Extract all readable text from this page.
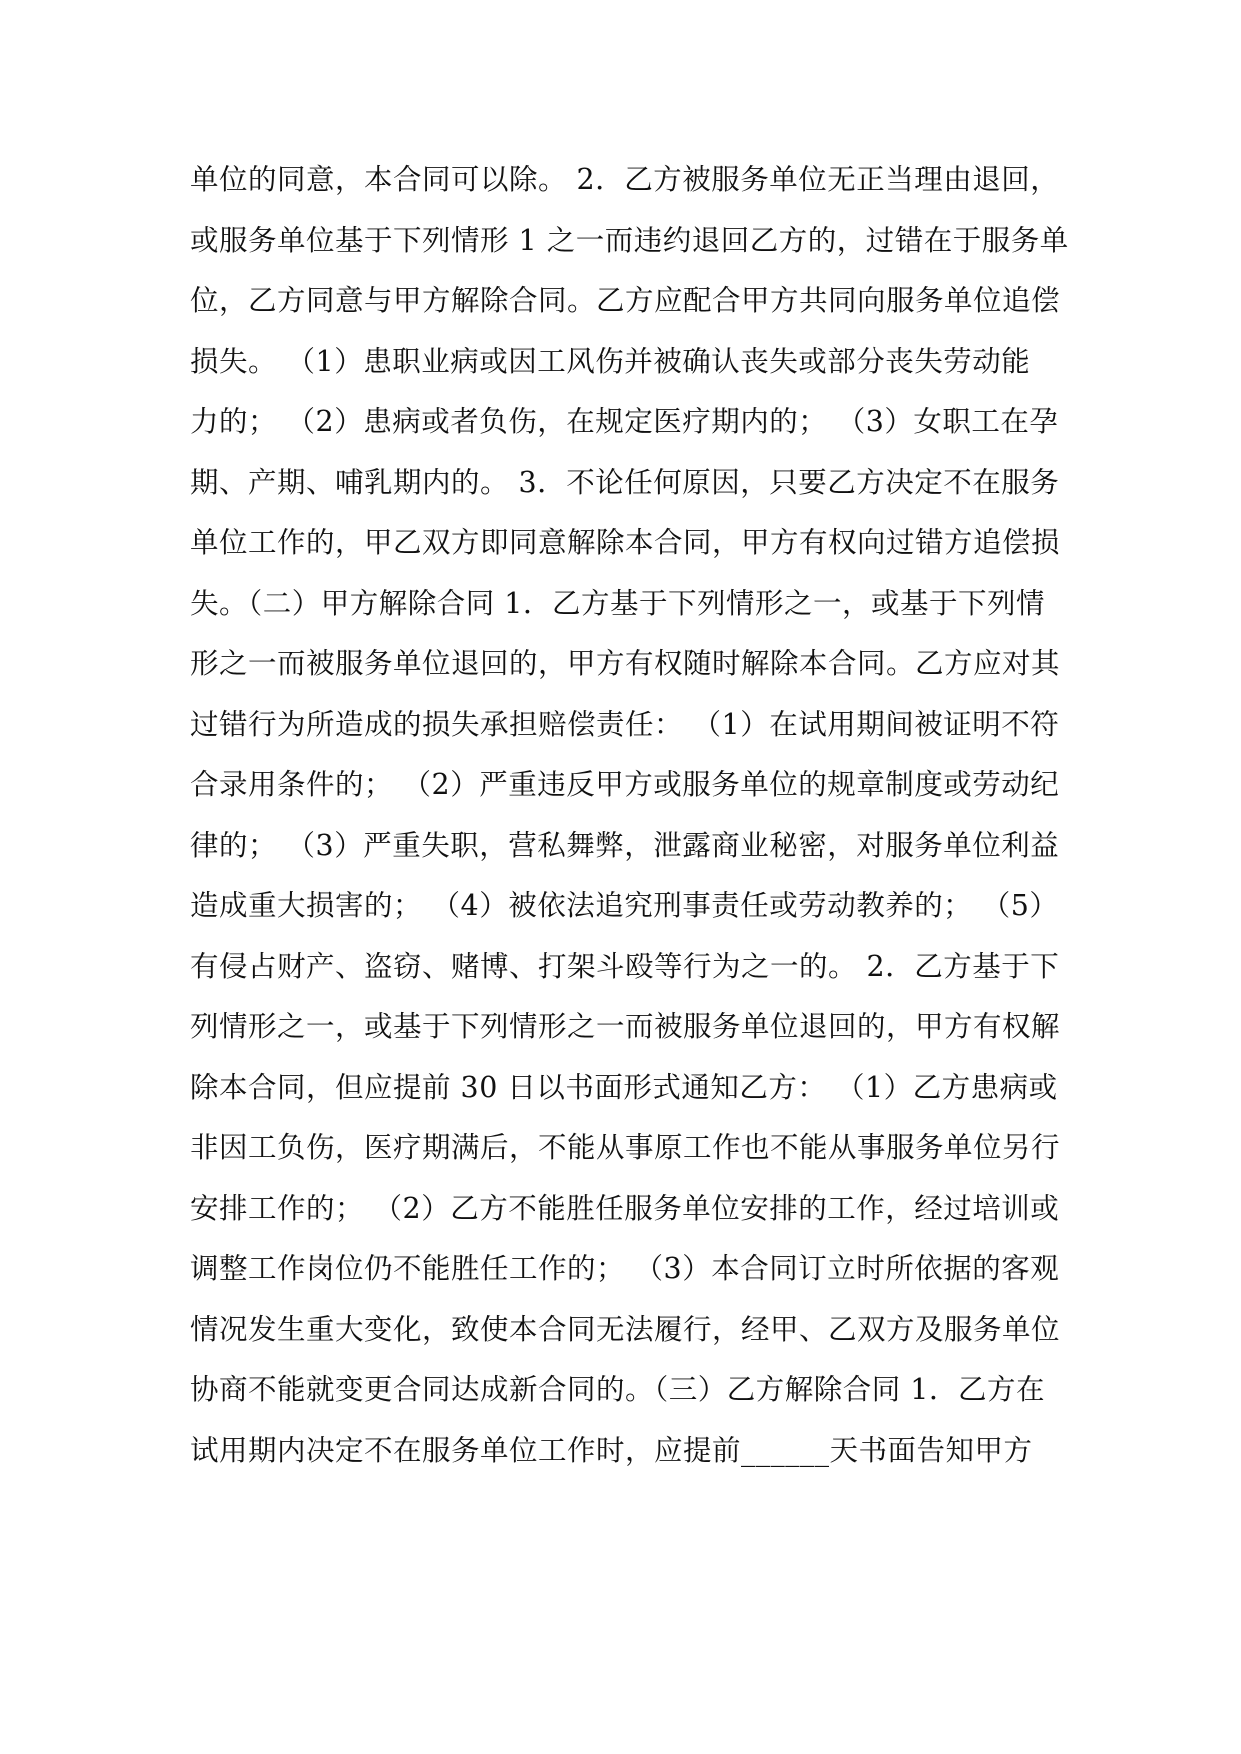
单位的同意，本合同可以除。 2．乙方被服务单位无正当理由退回，
或服务单位基于下列情形 1 之一而违约退回乙方的，过错在于服务单
位，乙方同意与甲方解除合同。乙方应配合甲方共同向服务单位追偿
损失。 （1）患职业病或因工风伤并被确认丧失或部分丧失劳动能
力的； （2）患病或者负伤，在规定医疗期内的； （3）女职工在孕
期、产期、哺乳期内的。 3．不论任何原因，只要乙方决定不在服务
单位工作的，甲乙双方即同意解除本合同，甲方有权向过错方追偿损
失。（二）甲方解除合同 1．乙方基于下列情形之一，或基于下列情
形之一而被服务单位退回的，甲方有权随时解除本合同。乙方应对其
过错行为所造成的损失承担赔偿责任： （1）在试用期间被证明不符
合录用条件的； （2）严重违反甲方或服务单位的规章制度或劳动纪
律的； （3）严重失职，营私舞弊，泄露商业秘密，对服务单位利益
造成重大损害的； （4）被依法追究刑事责任或劳动教养的； （5）
有侵占财产、盗窃、赌博、打架斗殴等行为之一的。 2．乙方基于下
列情形之一，或基于下列情形之一而被服务单位退回的，甲方有权解
除本合同，但应提前 30 日以书面形式通知乙方： （1）乙方患病或
非因工负伤，医疗期满后，不能从事原工作也不能从事服务单位另行
安排工作的； （2）乙方不能胜任服务单位安排的工作，经过培训或
调整工作岗位仍不能胜任工作的； （3）本合同订立时所依据的客观
情况发生重大变化，致使本合同无法履行，经甲、乙双方及服务单位
协商不能就变更合同达成新合同的。（三）乙方解除合同 1．乙方在
试用期内决定不在服务单位工作时，应提前______天书面告知甲方
